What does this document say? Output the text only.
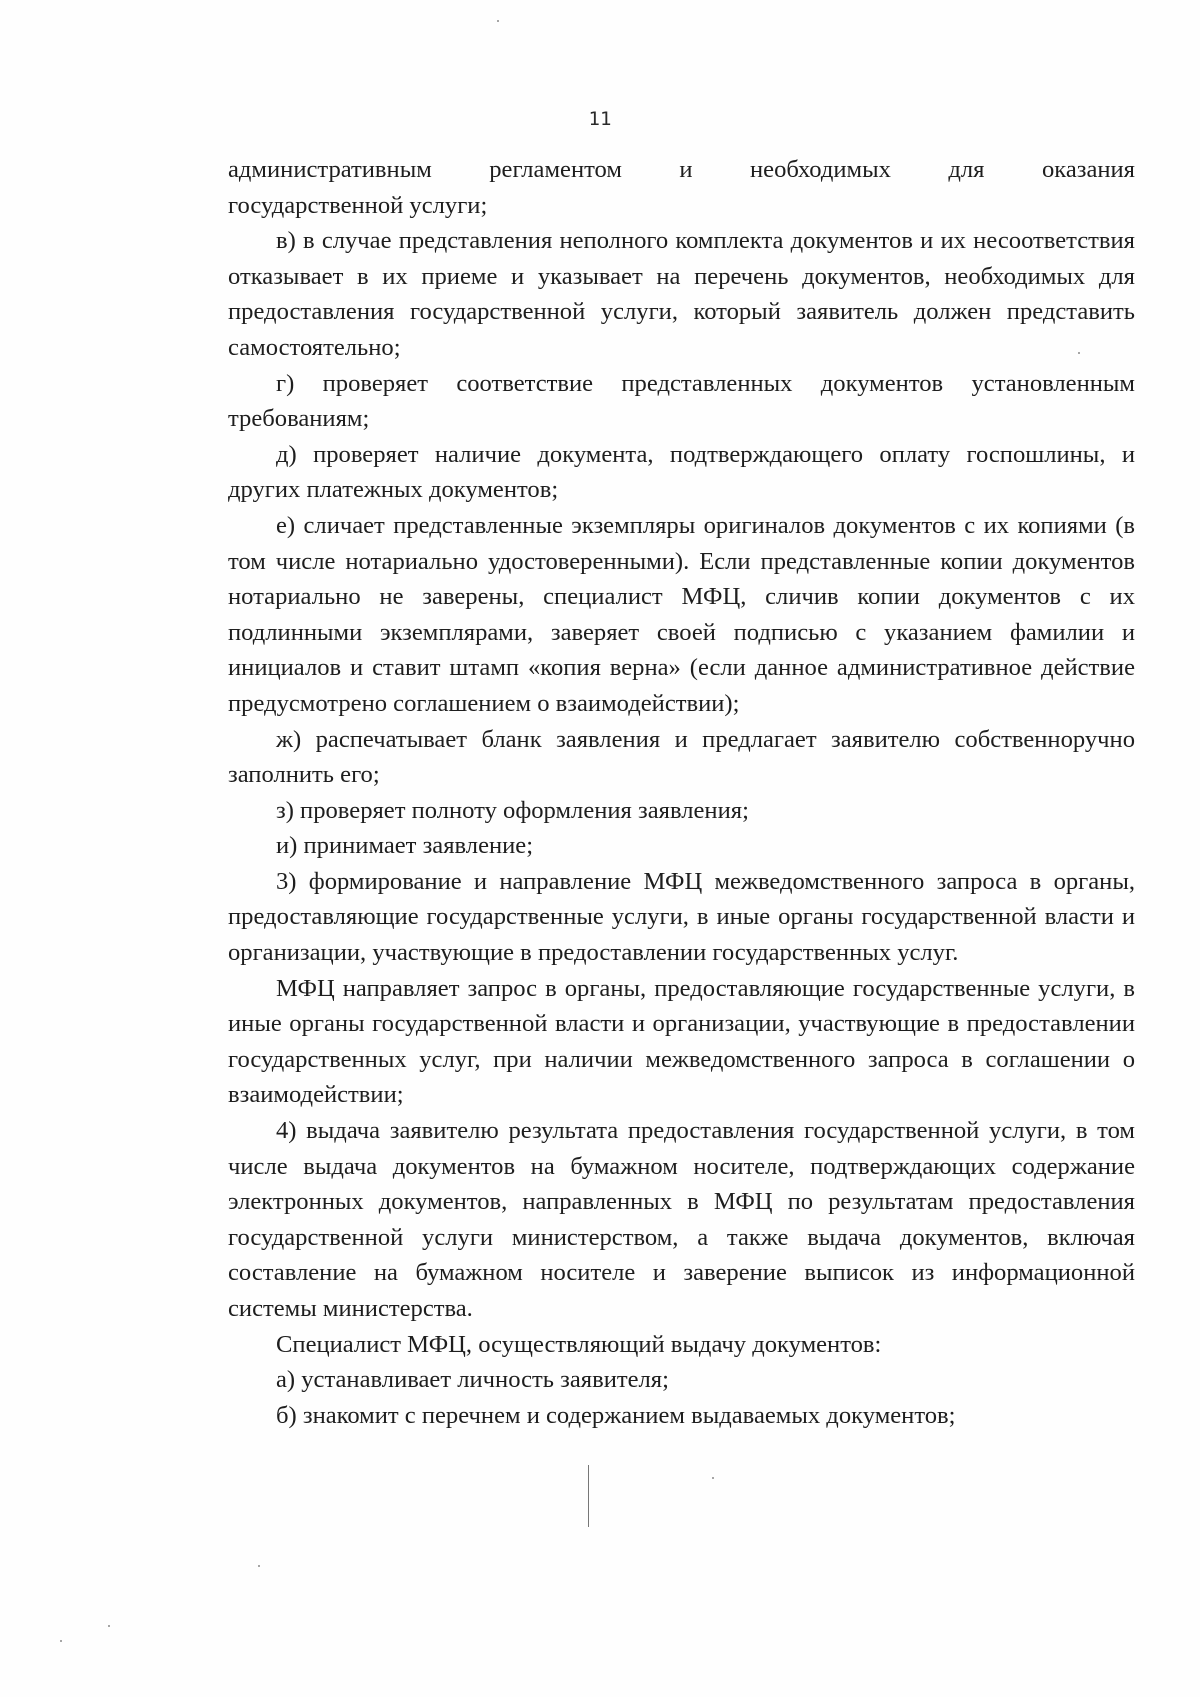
11

административным регламентом и необходимых для оказания

государственной услуги;

в) в случае представления неполного комплекта документов и их несоответствия отказывает в их приеме и указывает на перечень документов, необходимых для предоставления государственной услуги, который заявитель должен представить самостоятельно;

г) проверяет соответствие представленных документов установленным требованиям;

д) проверяет наличие документа, подтверждающего оплату госпошлины, и других платежных документов;

е) сличает представленные экземпляры оригиналов документов с их копиями (в том числе нотариально удостоверенными). Если представленные копии документов нотариально не заверены, специалист МФЦ, сличив копии документов с их подлинными экземплярами, заверяет своей подписью с указанием фамилии и инициалов и ставит штамп «копия верна» (если данное административное действие предусмотрено соглашением о взаимодействии);

ж) распечатывает бланк заявления и предлагает заявителю собственноручно заполнить его;

з) проверяет полноту оформления заявления;

и) принимает заявление;

3) формирование и направление МФЦ межведомственного запроса в органы, предоставляющие государственные услуги, в иные органы государственной власти и организации, участвующие в предоставлении государственных услуг.

МФЦ направляет запрос в органы, предоставляющие государственные услуги, в иные органы государственной власти и организации, участвующие в предоставлении государственных услуг, при наличии межведомственного запроса в соглашении о взаимодействии;

4) выдача заявителю результата предоставления государственной услуги, в том числе выдача документов на бумажном носителе, подтверждающих содержание электронных документов, направленных в МФЦ по результатам предоставления государственной услуги министерством, а также выдача документов, включая составление на бумажном носителе и заверение выписок из информационной системы министерства.

Специалист МФЦ, осуществляющий выдачу документов:

а) устанавливает личность заявителя;

б) знакомит с перечнем и содержанием выдаваемых документов;
